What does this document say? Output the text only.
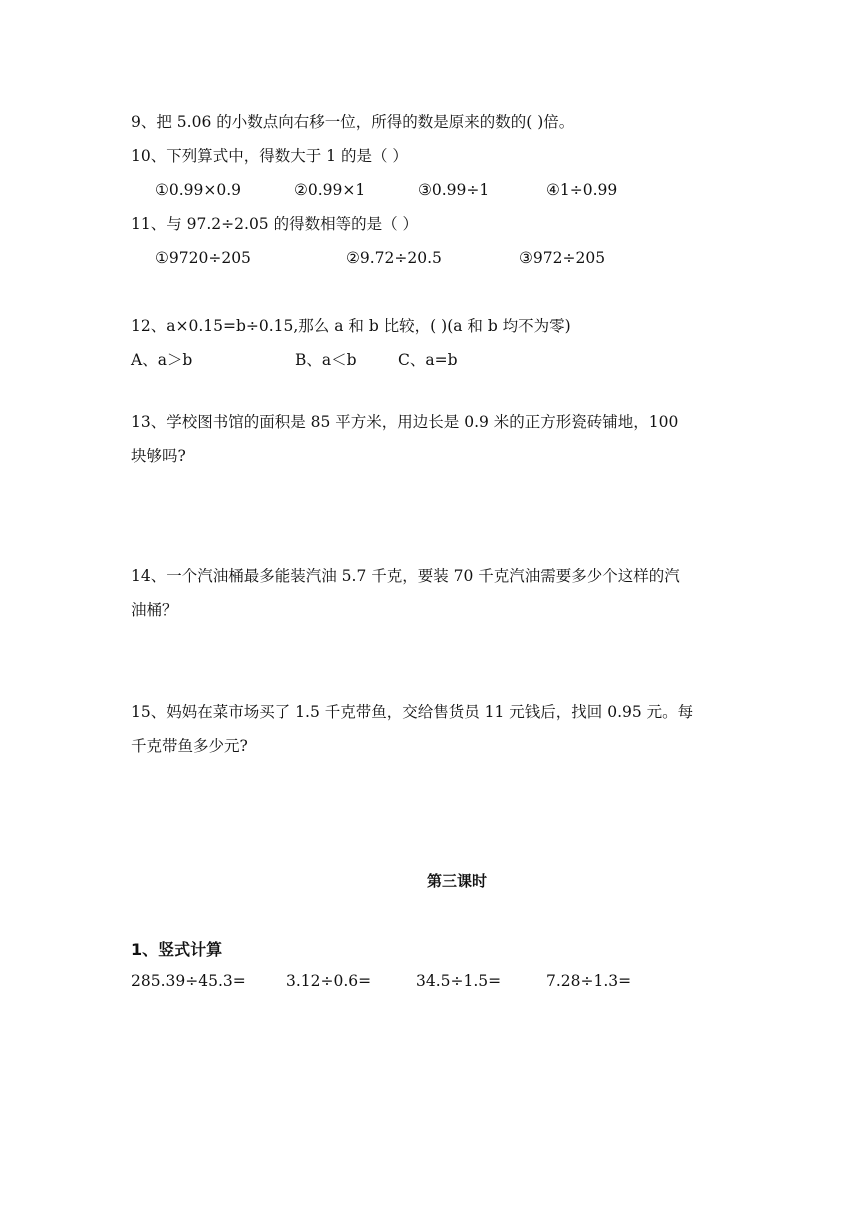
9、把 5.06 的小数点向右移一位，所得的数是原来的数的( )倍。
10、下列算式中，得数大于 1 的是（ ）
①0.99×0.9	②0.99×1	③0.99÷1	④1÷0.99
11、与 97.2÷2.05 的得数相等的是（ ）
①9720÷205	②9.72÷20.5	③972÷205
12、a×0.15=b÷0.15,那么 a 和 b 比较，( )(a 和 b 均不为零)
A、a＞b	B、a＜b	C、a=b
13、学校图书馆的面积是 85 平方米，用边长是 0.9 米的正方形瓷砖铺地，100
块够吗?
14、一个汽油桶最多能装汽油 5.7 千克，要装 70 千克汽油需要多少个这样的汽
油桶？
15、妈妈在菜市场买了 1.5 千克带鱼，交给售货员 11 元钱后，找回 0.95 元。每
千克带鱼多少元?
第三课时
1、竖式计算
285.39÷45.3=	3.12÷0.6=	34.5÷1.5=	7.28÷1.3=
